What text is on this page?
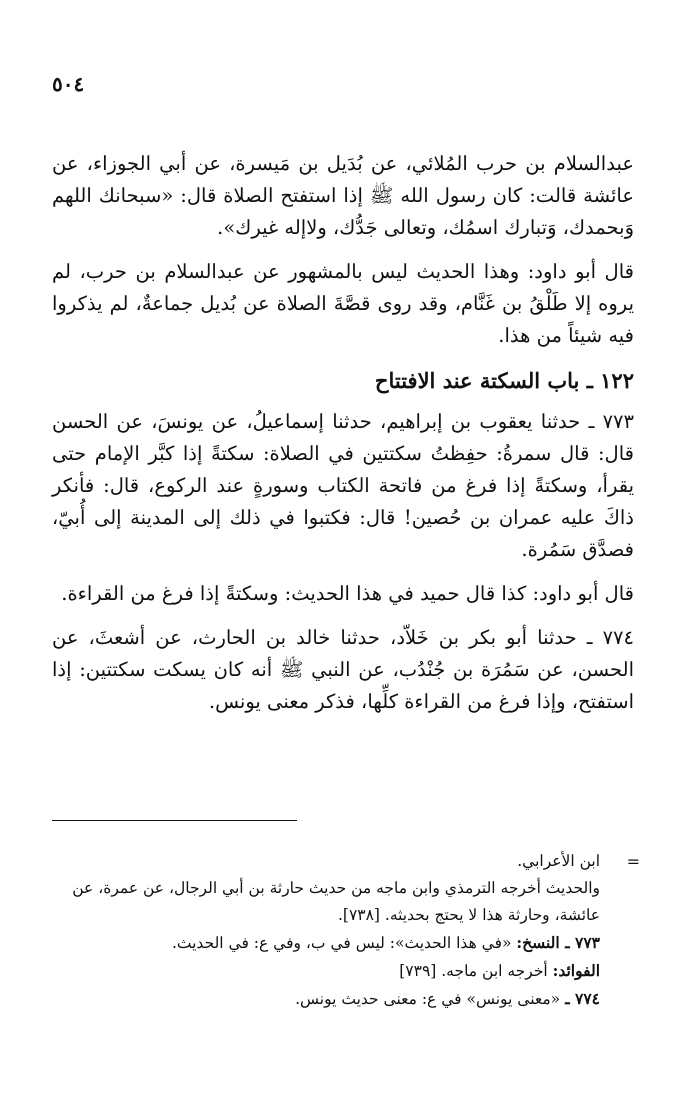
٥٠٤

عبدالسلام بن حرب المُلائي، عن بُدَيل بن مَيسرة، عن أبي الجوزاء، عن عائشة قالت: كان رسول الله ﷺ إذا استفتح الصلاة قال: «سبحانك اللهم وَبحمدك، وَتبارك اسمُك، وتعالى جَدُّك، ولاإله غيرك».

قال أبو داود: وهذا الحديث ليس بالمشهور عن عبدالسلام بن حرب، لم يروه إلا طَلْقُ بن غَنَّام، وقد روى قصَّةَ الصلاة عن بُديل جماعةٌ، لم يذكروا فيه شيئاً من هذا.

١٢٢ ـ باب السكتة عند الافتتاح

٧٧٣ ـ حدثنا يعقوب بن إبراهيم، حدثنا إسماعيلُ، عن يونسَ، عن الحسن قال: قال سمرةُ: حفِظتُ سكتتين في الصلاة: سكتةً إذا كبَّر الإمام حتى يقرأ، وسكتةً إذا فرغ من فاتحة الكتاب وسورةٍ عند الركوع، قال: فأنكر ذاكَ عليه عمران بن حُصين! قال: فكتبوا في ذلك إلى المدينة إلى أُبيّ، فصدَّق سَمُرة.

قال أبو داود: كذا قال حميد في هذا الحديث: وسكتةً إذا فرغ من القراءة.

٧٧٤ ـ حدثنا أبو بكر بن خَلاّد، حدثنا خالد بن الحارث، عن أشعثَ، عن الحسن، عن سَمُرَة بن جُنْدُب، عن النبي ﷺ أنه كان يسكت سكتتين: إذا استفتح، وإذا فرغ من القراءة كلِّها، فذكر معنى يونس.

=

ابن الأعرابي.

والحديث أخرجه الترمذي وابن ماجه من حديث حارثة بن أبي الرجال، عن عمرة، عن عائشة، وحارثة هذا لا يحتج بحديثه. [٧٣٨].

٧٧٣ ـ النسخ: «في هذا الحديث»: ليس في ب، وفي ع: في الحديث.

الفوائد: أخرجه ابن ماجه. [٧٣٩]

٧٧٤ ـ «معنى يونس» في ع: معنى حديث يونس.
